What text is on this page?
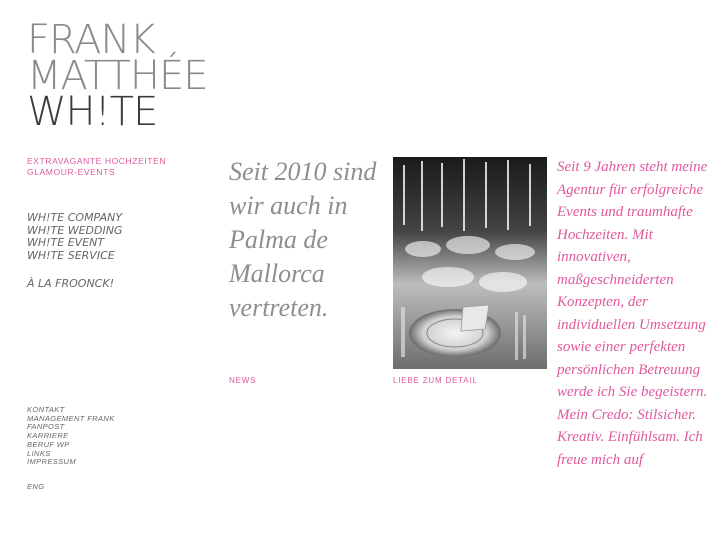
FRANK
MATTHÉE
WH!TE
EXTRAVAGANTE HOCHZEITEN
GLAMOUR-EVENTS
WH!TE COMPANY
WH!TE WEDDING
WH!TE EVENT
WH!TE SERVICE
À LA FROONCK!
KONTAKT
MANAGEMENT FRANK
FANPOST
KARRIERE
BERUF WP
LINKS
IMPRESSUM
ENG
Seit 2010 sind wir auch in Palma de Mallorca vertreten.
NEWS	LIEBE ZUM DETAIL
Seit 9 Jahren steht meine Agentur für erfolgreiche Events und traumhafte Hochzeiten. Mit innovativen, maßgeschneiderten Konzepten, der individuellen Umsetzung sowie einer perfekten persönlichen Betreuung werde ich Sie begeistern. Mein Credo: Stilsicher. Kreativ. Einfühlsam. Ich freue mich auf
